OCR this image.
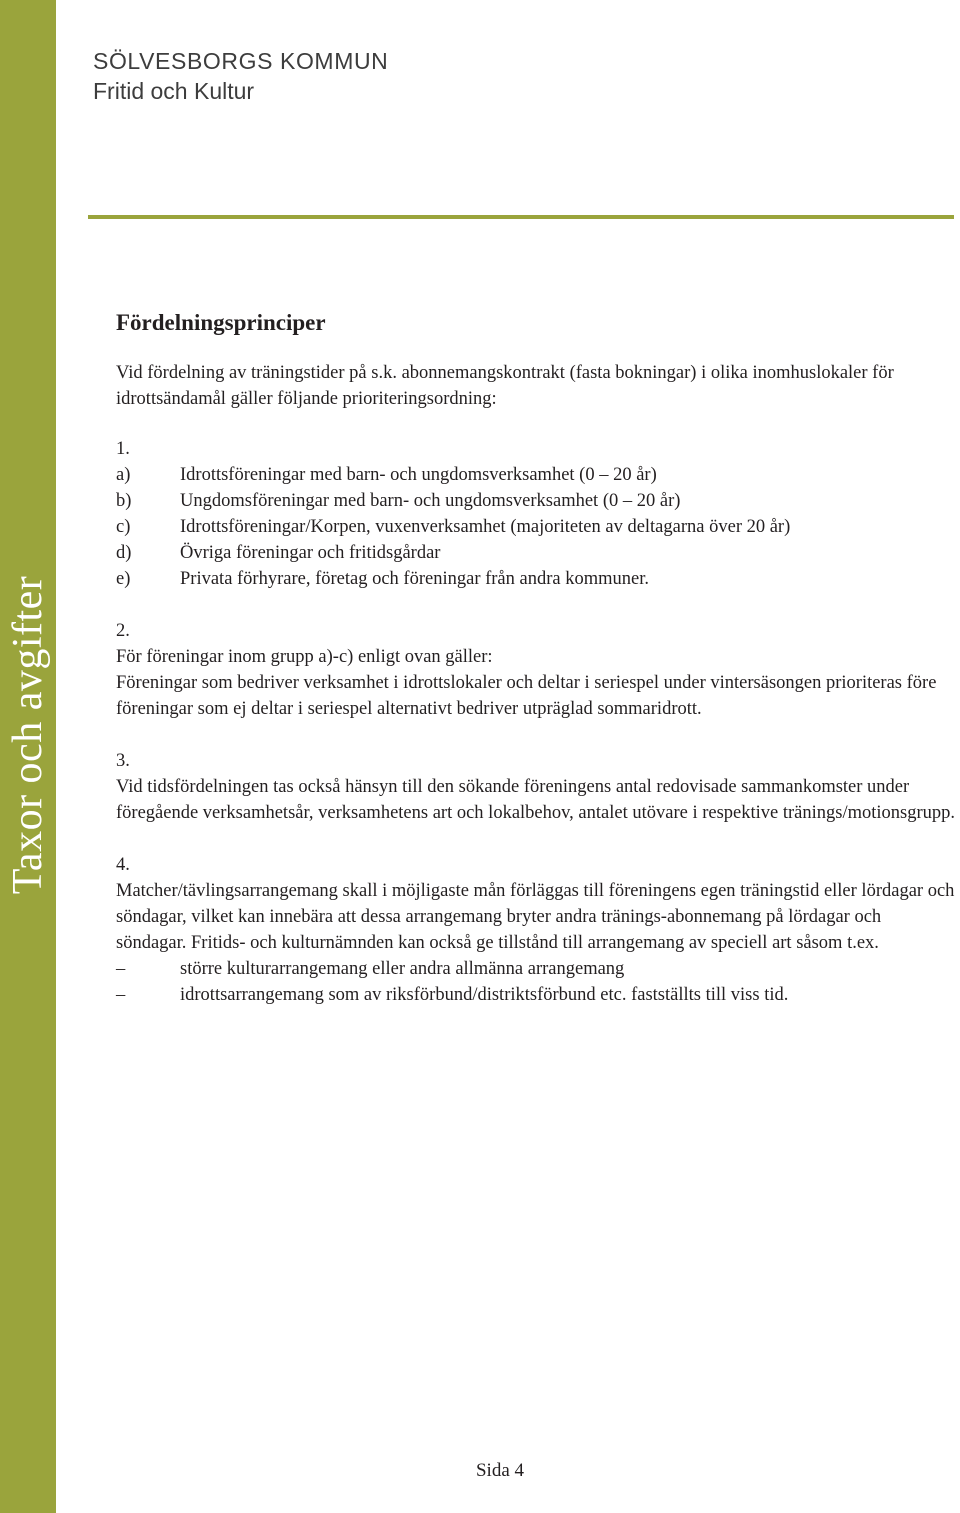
Taxor och avgifter
SÖLVESBORGS KOMMUN
Fritid och Kultur
Fördelningsprinciper

Vid fördelning av träningstider på s.k. abonnemangskontrakt (fasta bokningar) i olika inomhuslokaler för idrottsändamål gäller följande prioriteringsordning:

1.
a)	Idrottsföreningar med barn- och ungdomsverksamhet (0 – 20 år)
b)	Ungdomsföreningar med barn- och ungdomsverksamhet (0 – 20 år)
c)	Idrottsföreningar/Korpen, vuxenverksamhet (majoriteten av deltagarna över 20 år)
d)	Övriga föreningar och fritidsgårdar
e)	Privata förhyrare, företag och föreningar från andra kommuner.
2.

För föreningar inom grupp a)-c) enligt ovan gäller:

Föreningar som bedriver verksamhet i idrottslokaler och deltar i seriespel under vintersäsongen prioriteras före föreningar som ej deltar i seriespel alternativt bedriver utpräglad sommaridrott.

3.

Vid tidsfördelningen tas också hänsyn till den sökande föreningens antal redovisade sammankomster under föregående verksamhetsår, verksamhetens art och lokalbehov, antalet utövare i respektive tränings/motionsgrupp.

4.

Matcher/tävlingsarrangemang skall i möjligaste mån förläggas till föreningens egen träningstid eller lördagar och söndagar, vilket kan innebära att dessa arrangemang bryter andra tränings-abonnemang på lördagar och söndagar. Fritids- och kulturnämnden kan också ge tillstånd till arrangemang av speciell art såsom t.ex.

–	större kulturarrangemang eller andra allmänna arrangemang
–	idrottsarrangemang som av riksförbund/distriktsförbund etc. fastställts till viss tid.
Sida 4
